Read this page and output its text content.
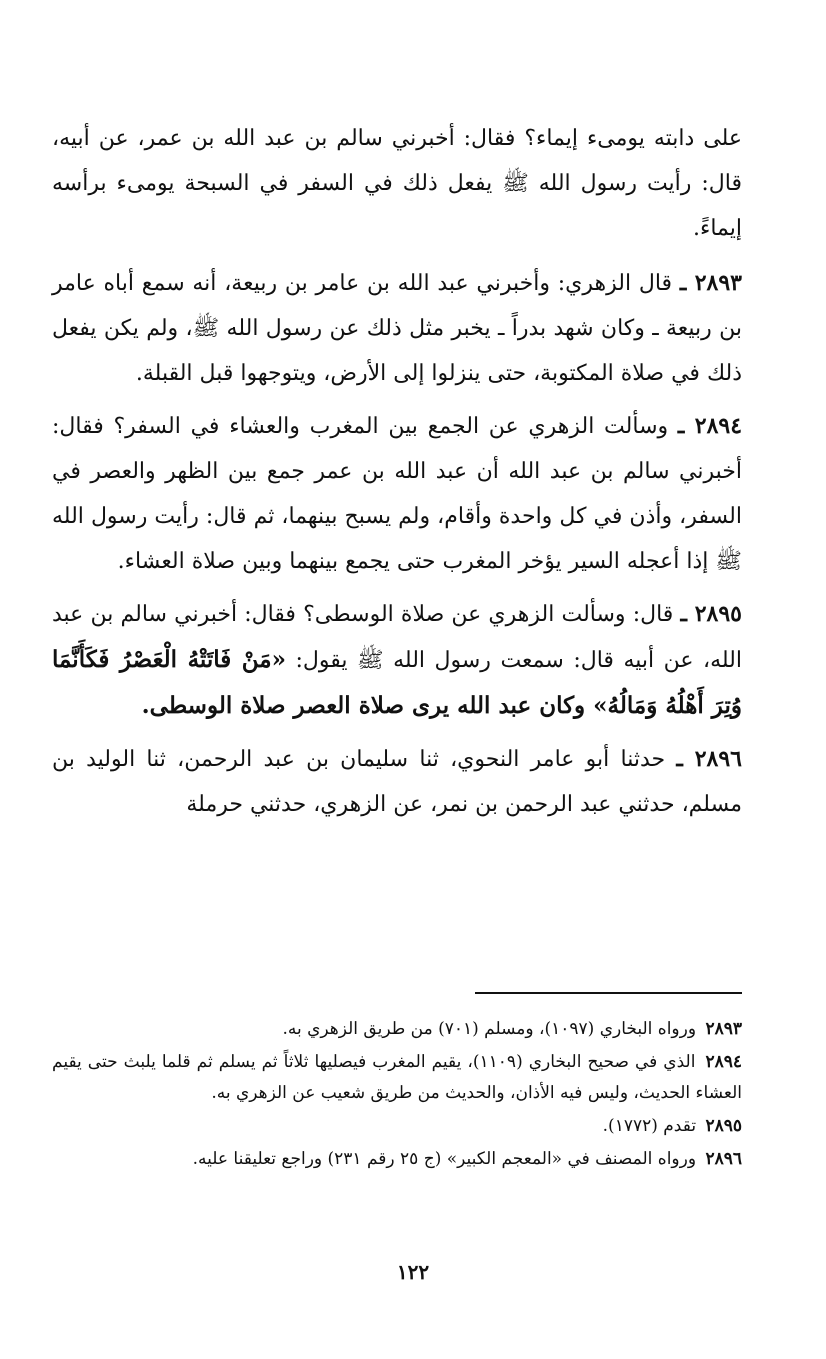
على دابته يومىء إيماء؟ فقال: أخبرني سالم بن عبد الله بن عمر، عن أبيه، قال: رأيت رسول الله ﷺ يفعل ذلك في السفر في السبحة يومىء برأسه إيماءً.

٢٨٩٣ ـ قال الزهري: وأخبرني عبد الله بن عامر بن ربيعة، أنه سمع أباه عامر بن ربيعة ـ وكان شهد بدراً ـ يخبر مثل ذلك عن رسول الله ﷺ، ولم يكن يفعل ذلك في صلاة المكتوبة، حتى ينزلوا إلى الأرض، ويتوجهوا قبل القبلة.

٢٨٩٤ ـ وسألت الزهري عن الجمع بين المغرب والعشاء في السفر؟ فقال: أخبرني سالم بن عبد الله أن عبد الله بن عمر جمع بين الظهر والعصر في السفر، وأذن في كل واحدة وأقام، ولم يسبح بينهما، ثم قال: رأيت رسول الله ﷺ إذا أعجله السير يؤخر المغرب حتى يجمع بينهما وبين صلاة العشاء.

٢٨٩٥ ـ قال: وسألت الزهري عن صلاة الوسطى؟ فقال: أخبرني سالم بن عبد الله، عن أبيه قال: سمعت رسول الله ﷺ يقول: «مَنْ فَاتَتْهُ الْعَصْرُ فَكَأَنَّمَا وُتِرَ أَهْلُهُ وَمَالُهُ» وكان عبد الله يرى صلاة العصر صلاة الوسطى.

٢٨٩٦ ـ حدثنا أبو عامر النحوي، ثنا سليمان بن عبد الرحمن، ثنا الوليد بن مسلم، حدثني عبد الرحمن بن نمر، عن الزهري، حدثني حرملة

٢٨٩٣ ورواه البخاري (١٠٩٧)، ومسلم (٧٠١) من طريق الزهري به.
٢٨٩٤ الذي في صحيح البخاري (١١٠٩)، يقيم المغرب فيصليها ثلاثاً ثم يسلم ثم قلما يلبث حتى يقيم العشاء الحديث، وليس فيه الأذان، والحديث من طريق شعيب عن الزهري به.
٢٨٩٥ تقدم (١٧٧٢).
٢٨٩٦ ورواه المصنف في «المعجم الكبير» (ج ٢٥ رقم ٢٣١) وراجع تعليقنا عليه.
١٢٢
